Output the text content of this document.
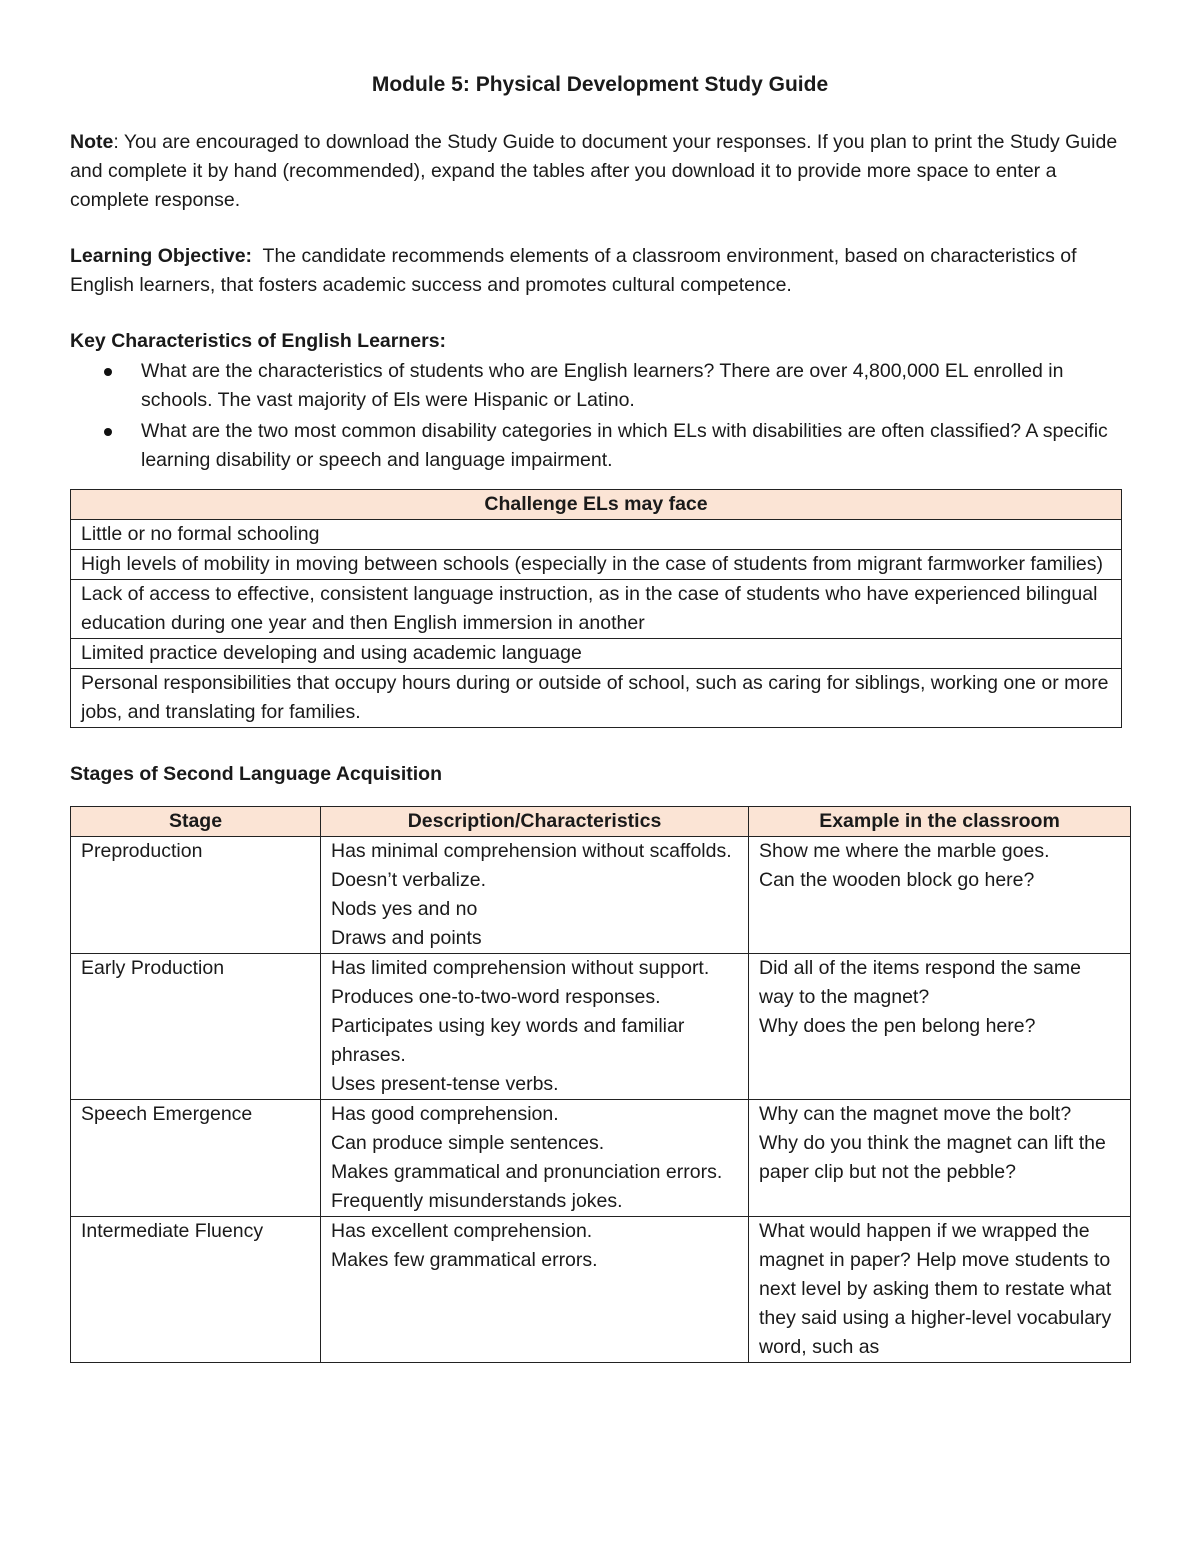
Module 5: Physical Development Study Guide

Note: You are encouraged to download the Study Guide to document your responses. If you plan to print the Study Guide and complete it by hand (recommended), expand the tables after you download it to provide more space to enter a complete response.

Learning Objective:  The candidate recommends elements of a classroom environment, based on characteristics of English learners, that fosters academic success and promotes cultural competence.

Key Characteristics of English Learners:

What are the characteristics of students who are English learners? There are over 4,800,000 EL enrolled in schools. The vast majority of Els were Hispanic or Latino.
What are the two most common disability categories in which ELs with disabilities are often classified? A specific learning disability or speech and language impairment.
Challenge ELs may face
Little or no formal schooling
High levels of mobility in moving between schools (especially in the case of students from migrant farmworker families)
Lack of access to effective, consistent language instruction, as in the case of students who have experienced bilingual education during one year and then English immersion in another
Limited practice developing and using academic language
Personal responsibilities that occupy hours during or outside of school, such as caring for siblings, working one or more jobs, and translating for families.

Stages of Second Language Acquisition

Stage	Description/Characteristics	Example in the classroom
Preproduction	Has minimal comprehension without scaffolds.
Doesn’t verbalize.
Nods yes and no
Draws and points	Show me where the marble goes.
Can the wooden block go here?

Early Production	Has limited comprehension without support.
Produces one-to-two-word responses.
Participates using key words and familiar phrases.
Uses present-tense verbs.	Did all of the items respond the same way to the magnet?
Why does the pen belong here?

Speech Emergence	Has good comprehension.
Can produce simple sentences.
Makes grammatical and pronunciation errors.
Frequently misunderstands jokes.	Why can the magnet move the bolt?
Why do you think the magnet can lift the paper clip but not the pebble?

Intermediate Fluency	Has excellent comprehension.
Makes few grammatical errors.	What would happen if we wrapped the magnet in paper? Help move students to next level by asking them to restate what they said using a higher-level vocabulary word, such as
